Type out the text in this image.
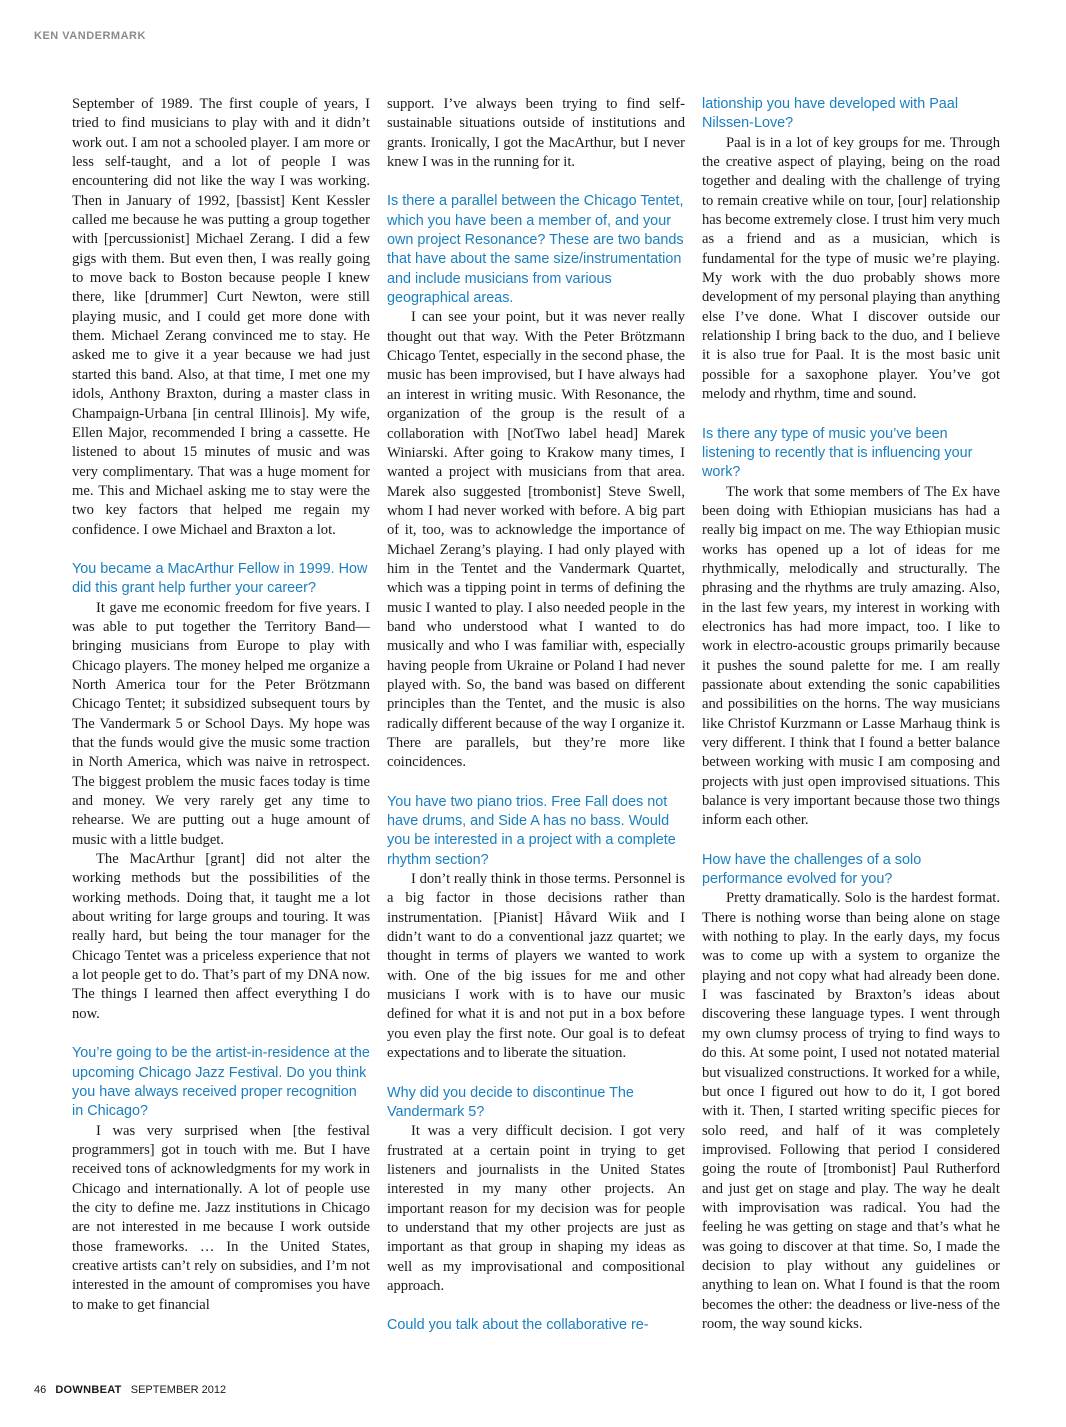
KEN VANDERMARK

September of 1989. The first couple of years, I tried to find musicians to play with and it didn’t work out. I am not a schooled player. I am more or less self-taught, and a lot of people I was encountering did not like the way I was working. Then in January of 1992, [bassist] Kent Kessler called me because he was putting a group together with [percussionist] Michael Zerang. I did a few gigs with them. But even then, I was really going to move back to Boston because people I knew there, like [drummer] Curt Newton, were still playing music, and I could get more done with them. Michael Zerang convinced me to stay. He asked me to give it a year because we had just started this band. Also, at that time, I met one my idols, Anthony Braxton, during a master class in Champaign-Urbana [in central Illinois]. My wife, Ellen Major, recommended I bring a cassette. He listened to about 15 minutes of music and was very complimentary. That was a huge moment for me. This and Michael asking me to stay were the two key factors that helped me regain my confidence. I owe Michael and Braxton a lot.

You became a MacArthur Fellow in 1999. How did this grant help further your career?

It gave me economic freedom for five years. I was able to put together the Territory Band—bringing musicians from Europe to play with Chicago players. The money helped me organize a North America tour for the Peter Brötzmann Chicago Tentet; it subsidized subsequent tours by The Vandermark 5 or School Days. My hope was that the funds would give the music some traction in North America, which was naive in retrospect. The biggest problem the music faces today is time and money. We very rarely get any time to rehearse. We are putting out a huge amount of music with a little budget.

The MacArthur [grant] did not alter the working methods but the possibilities of the working methods. Doing that, it taught me a lot about writing for large groups and touring. It was really hard, but being the tour manager for the Chicago Tentet was a priceless experience that not a lot people get to do. That’s part of my DNA now. The things I learned then affect everything I do now.

You’re going to be the artist-in-residence at the upcoming Chicago Jazz Festival. Do you think you have always received proper recognition in Chicago?

I was very surprised when [the festival programmers] got in touch with me. But I have received tons of acknowledgments for my work in Chicago and internationally. A lot of people use the city to define me. Jazz institutions in Chicago are not interested in me because I work outside those frameworks. … In the United States, creative artists can’t rely on subsidies, and I’m not interested in the amount of compromises you have to make to get financial

support. I’ve always been trying to find self-sustainable situations outside of institutions and grants. Ironically, I got the MacArthur, but I never knew I was in the running for it.

Is there a parallel between the Chicago Tentet, which you have been a member of, and your own project Resonance? These are two bands that have about the same size/instrumentation and include musicians from various geographical areas.

I can see your point, but it was never really thought out that way. With the Peter Brötzmann Chicago Tentet, especially in the second phase, the music has been improvised, but I have always had an interest in writing music. With Resonance, the organization of the group is the result of a collaboration with [NotTwo label head] Marek Winiarski. After going to Krakow many times, I wanted a project with musicians from that area. Marek also suggested [trombonist] Steve Swell, whom I had never worked with before. A big part of it, too, was to acknowledge the importance of Michael Zerang’s playing. I had only played with him in the Tentet and the Vandermark Quartet, which was a tipping point in terms of defining the music I wanted to play. I also needed people in the band who understood what I wanted to do musically and who I was familiar with, especially having people from Ukraine or Poland I had never played with. So, the band was based on different principles than the Tentet, and the music is also radically different because of the way I organize it. There are parallels, but they’re more like coincidences.

You have two piano trios. Free Fall does not have drums, and Side A has no bass. Would you be interested in a project with a complete rhythm section?

I don’t really think in those terms. Personnel is a big factor in those decisions rather than instrumentation. [Pianist] Håvard Wiik and I didn’t want to do a conventional jazz quartet; we thought in terms of players we wanted to work with. One of the big issues for me and other musicians I work with is to have our music defined for what it is and not put in a box before you even play the first note. Our goal is to defeat expectations and to liberate the situation.

Why did you decide to discontinue The Vandermark 5?

It was a very difficult decision. I got very frustrated at a certain point in trying to get listeners and journalists in the United States interested in my many other projects. An important reason for my decision was for people to understand that my other projects are just as important as that group in shaping my ideas as well as my improvisational and compositional approach.

Could you talk about the collaborative re-
lationship you have developed with Paal Nilssen-Love?

Paal is in a lot of key groups for me. Through the creative aspect of playing, being on the road together and dealing with the challenge of trying to remain creative while on tour, [our] relationship has become extremely close. I trust him very much as a friend and as a musician, which is fundamental for the type of music we’re playing. My work with the duo probably shows more development of my personal playing than anything else I’ve done. What I discover outside our relationship I bring back to the duo, and I believe it is also true for Paal. It is the most basic unit possible for a saxophone player. You’ve got melody and rhythm, time and sound.

Is there any type of music you’ve been listening to recently that is influencing your work?

The work that some members of The Ex have been doing with Ethiopian musicians has had a really big impact on me. The way Ethiopian music works has opened up a lot of ideas for me rhythmically, melodically and structurally. The phrasing and the rhythms are truly amazing. Also, in the last few years, my interest in working with electronics has had more impact, too. I like to work in electro-acoustic groups primarily because it pushes the sound palette for me. I am really passionate about extending the sonic capabilities and possibilities on the horns. The way musicians like Christof Kurzmann or Lasse Marhaug think is very different. I think that I found a better balance between working with music I am composing and projects with just open improvised situations. This balance is very important because those two things inform each other.

How have the challenges of a solo performance evolved for you?

Pretty dramatically. Solo is the hardest format. There is nothing worse than being alone on stage with nothing to play. In the early days, my focus was to come up with a system to organize the playing and not copy what had already been done. I was fascinated by Braxton’s ideas about discovering these language types. I went through my own clumsy process of trying to find ways to do this. At some point, I used not notated material but visualized constructions. It worked for a while, but once I figured out how to do it, I got bored with it. Then, I started writing specific pieces for solo reed, and half of it was completely improvised. Following that period I considered going the route of [trombonist] Paul Rutherford and just get on stage and play. The way he dealt with improvisation was radical. You had the feeling he was getting on stage and that’s what he was going to discover at that time. So, I made the decision to play without any guidelines or anything to lean on. What I found is that the room becomes the other: the deadness or live-ness of the room, the way sound kicks.

46 DOWNBEAT SEPTEMBER 2012
